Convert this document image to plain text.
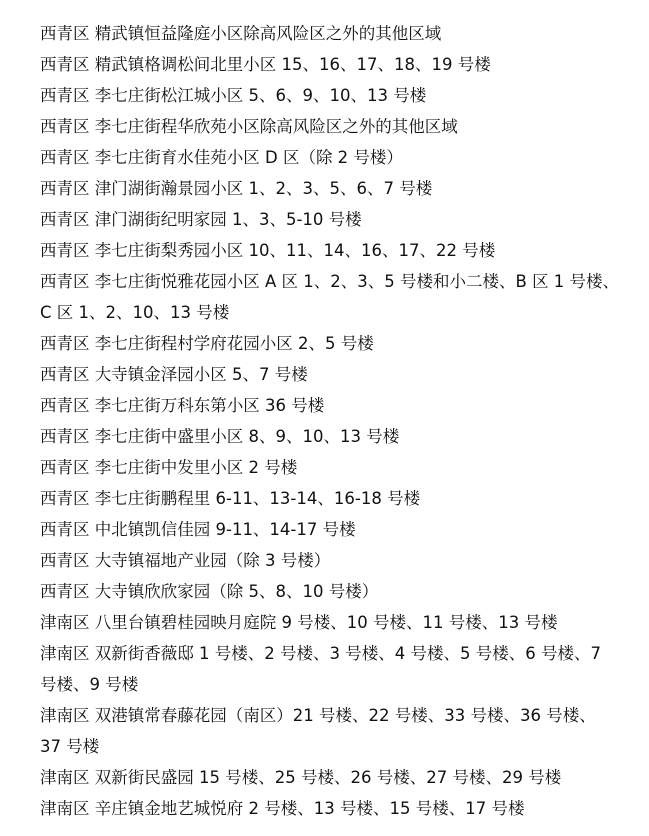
西青区 精武镇恒益隆庭小区除高风险区之外的其他区域
西青区 精武镇格调松间北里小区 15、16、17、18、19 号楼
西青区 李七庄街松江城小区 5、6、9、10、13 号楼
西青区 李七庄街程华欣苑小区除高风险区之外的其他区域
西青区 李七庄街育水佳苑小区 D 区（除 2 号楼）
西青区 津门湖街瀚景园小区 1、2、3、5、6、7 号楼
西青区 津门湖街纪明家园 1、3、5-10 号楼
西青区 李七庄街梨秀园小区 10、11、14、16、17、22 号楼
西青区 李七庄街悦雅花园小区 A 区 1、2、3、5 号楼和小二楼、B 区 1 号楼、
C 区 1、2、10、13 号楼
西青区 李七庄街程村学府花园小区 2、5 号楼
西青区 大寺镇金泽园小区 5、7 号楼
西青区 李七庄街万科东第小区 36 号楼
西青区 李七庄街中盛里小区 8、9、10、13 号楼
西青区 李七庄街中发里小区 2 号楼
西青区 李七庄街鹏程里 6-11、13-14、16-18 号楼
西青区 中北镇凯信佳园 9-11、14-17 号楼
西青区 大寺镇福地产业园（除 3 号楼）
西青区 大寺镇欣欣家园（除 5、8、10 号楼）
津南区 八里台镇碧桂园映月庭院 9 号楼、10 号楼、11 号楼、13 号楼
津南区 双新街香薇邸 1 号楼、2 号楼、3 号楼、4 号楼、5 号楼、6 号楼、7
号楼、9 号楼
津南区 双港镇常春藤花园（南区）21 号楼、22 号楼、33 号楼、36 号楼、
37 号楼
津南区 双新街民盛园 15 号楼、25 号楼、26 号楼、27 号楼、29 号楼
津南区 辛庄镇金地艺城悦府 2 号楼、13 号楼、15 号楼、17 号楼
